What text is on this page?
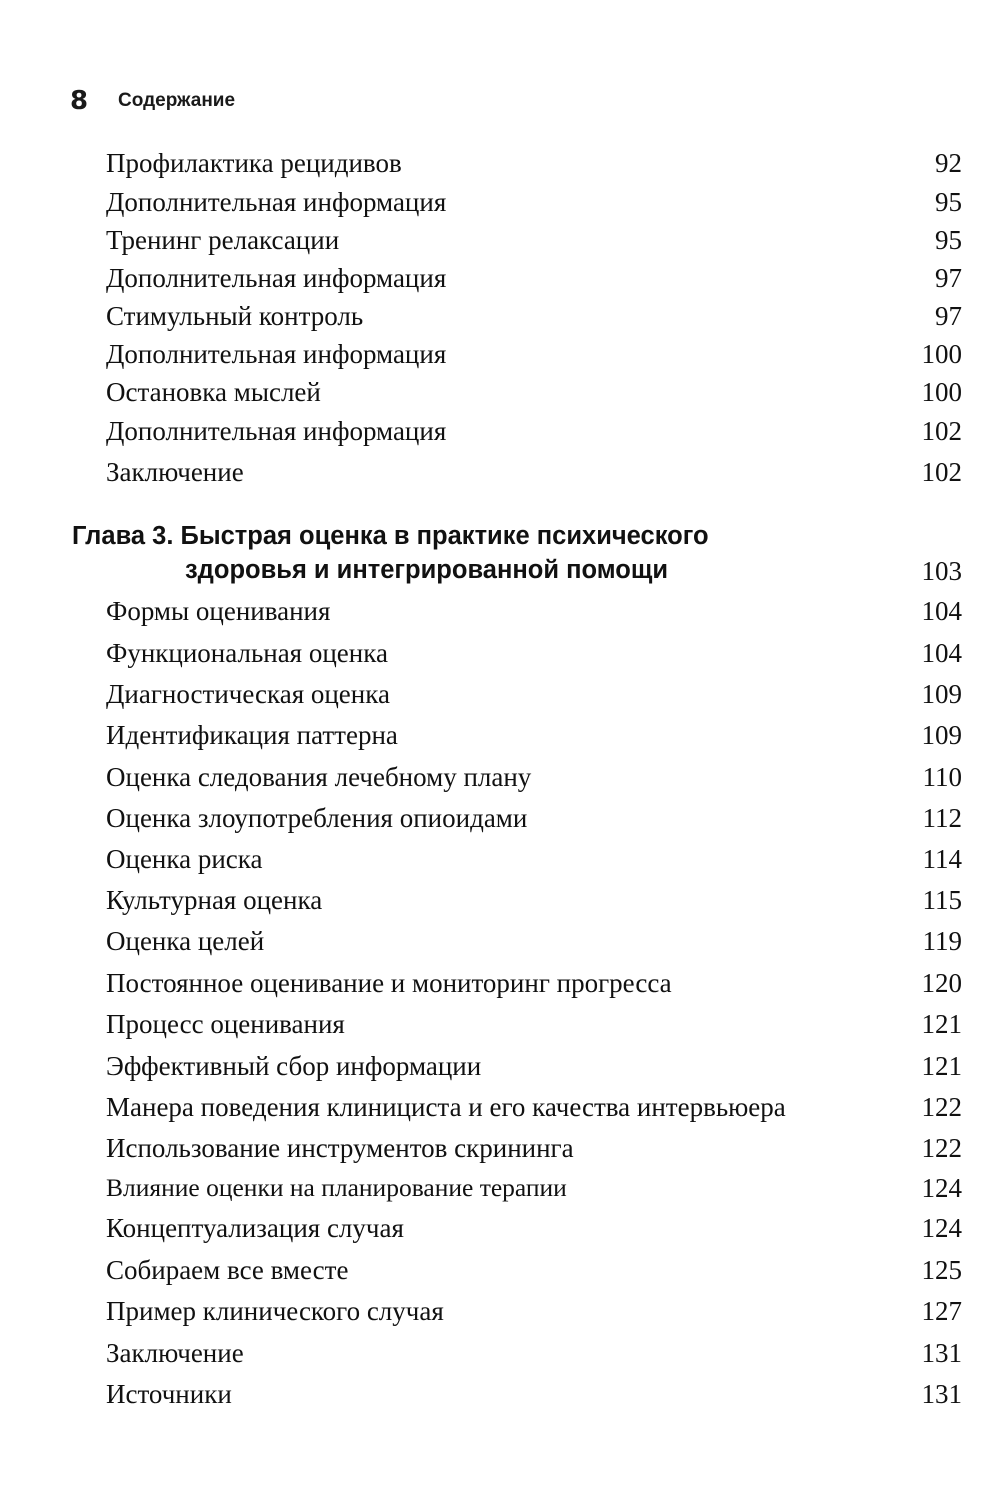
8 Содержание
Профилактика рецидивов	92
Дополнительная информация	95
Тренинг релаксации	95
Дополнительная информация	97
Стимульный контроль	97
Дополнительная информация	100
Остановка мыслей	100
Дополнительная информация	102
Заключение	102
Глава 3. Быстрая оценка в практике психического
здоровья и интегрированной помощи	103
Формы оценивания	104
Функциональная оценка	104
Диагностическая оценка	109
Идентификация паттерна	109
Оценка следования лечебному плану	110
Оценка злоупотребления опиоидами	112
Оценка риска	114
Культурная оценка	115
Оценка целей	119
Постоянное оценивание и мониторинг прогресса	120
Процесс оценивания	121
Эффективный сбор информации	121
Манера поведения клинициста и его качества интервьюера	122
Использование инструментов скрининга	122
Влияние оценки на планирование терапии	124
Концептуализация случая	124
Собираем все вместе	125
Пример клинического случая	127
Заключение	131
Источники	131
